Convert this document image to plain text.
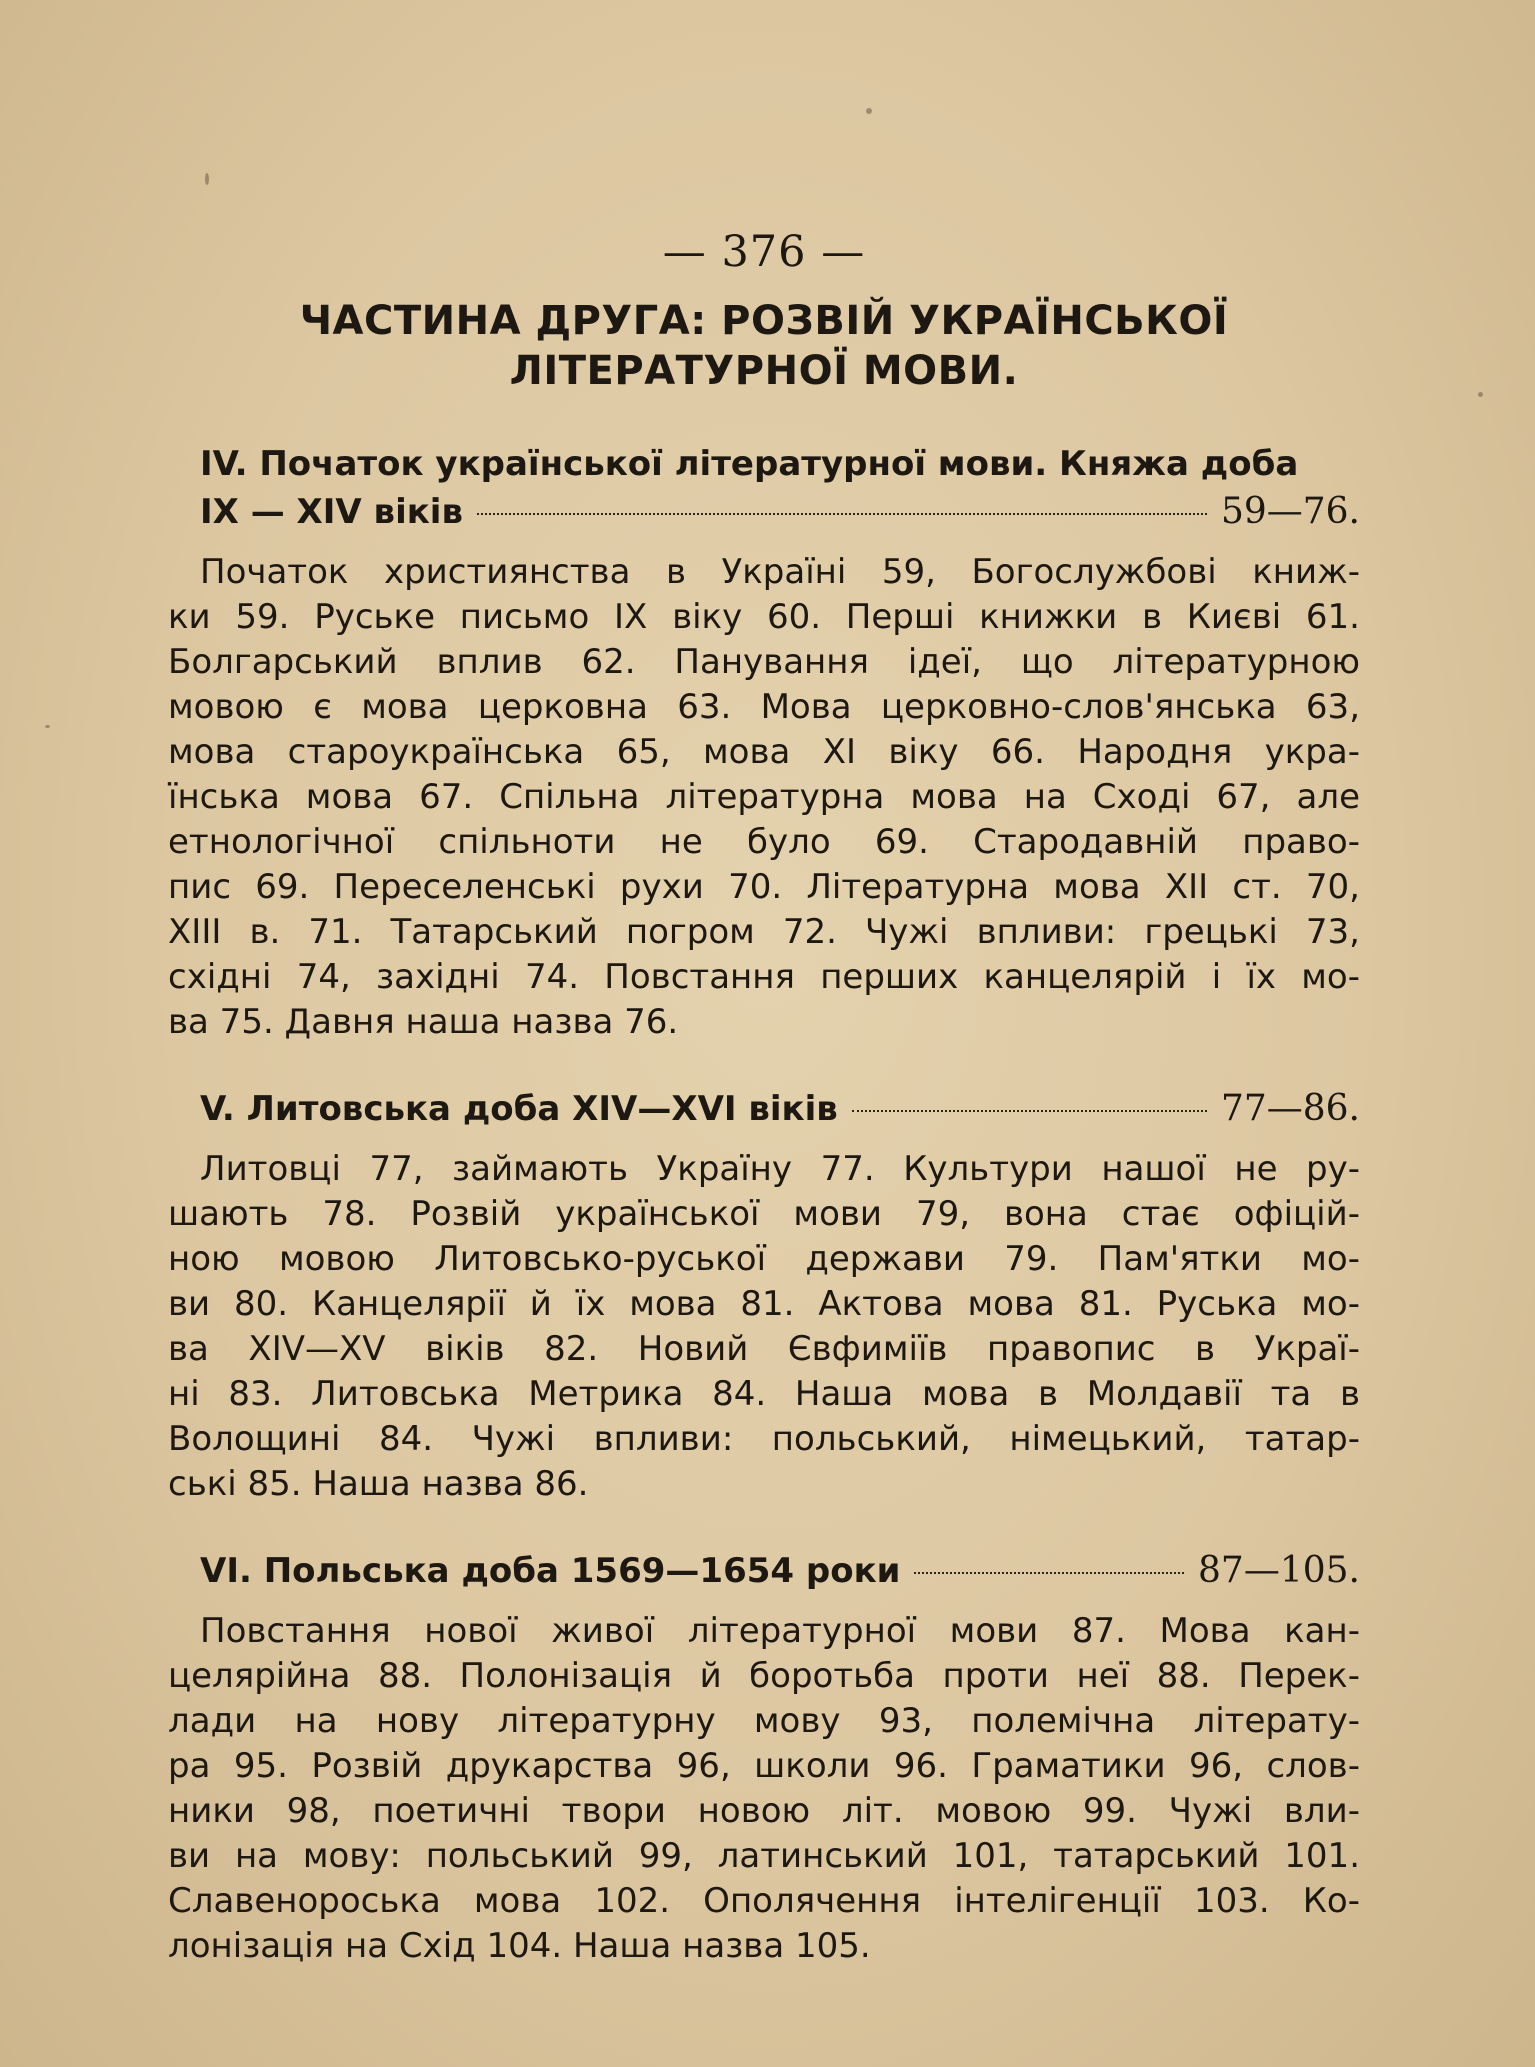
— 376 —

ЧАСТИНА ДРУГА: РОЗВІЙ УКРАЇНСЬКОЇ ЛІТЕРАТУРНОЇ МОВИ.
IV. Початок української літературної мови. Княжа доба
IX — XIV віків	59—76.
Початок християнства в Україні 59, Богослужбові книж-
ки 59. Руське письмо IX віку 60. Перші книжки в Києві 61.
Болгарський вплив 62. Панування ідеї, що літературною
мовою є мова церковна 63. Мова церковно-слов'янська 63,
мова староукраїнська 65, мова XI віку 66. Народня укра-
їнська мова 67. Спільна літературна мова на Сході 67, але
етнологічної спільноти не було 69. Стародавній право-
пис 69. Переселенські рухи 70. Літературна мова XII ст. 70,
XIII в. 71. Татарський погром 72. Чужі впливи: грецькі 73,
східні 74, західні 74. Повстання перших канцелярій і їх мо-
ва 75. Давня наша назва 76.
V. Литовська доба XIV—XVI віків	77—86.
Литовці 77, займають Україну 77. Культури нашої не ру-
шають 78. Розвій української мови 79, вона стає офіцій-
ною мовою Литовсько-руської держави 79. Пам'ятки мо-
ви 80. Канцелярії й їх мова 81. Актова мова 81. Руська мо-
ва XIV—XV віків 82. Новий Євфиміїв правопис в Украї-
ні 83. Литовська Метрика 84. Наша мова в Молдавії та в
Волощині 84. Чужі впливи: польський, німецький, татар-
ські 85. Наша назва 86.
VI. Польська доба 1569—1654 роки	87—105.
Повстання нової живої літературної мови 87. Мова кан-
целярійна 88. Полонізація й боротьба проти неї 88. Перек-
лади на нову літературну мову 93, полемічна літерату-
ра 95. Розвій друкарства 96, школи 96. Граматики 96, слов-
ники 98, поетичні твори новою літ. мовою 99. Чужі вли-
ви на мову: польський 99, латинський 101, татарський 101.
Славенороська мова 102. Ополячення інтелігенції 103. Ко-
лонізація на Схід 104. Наша назва 105.
